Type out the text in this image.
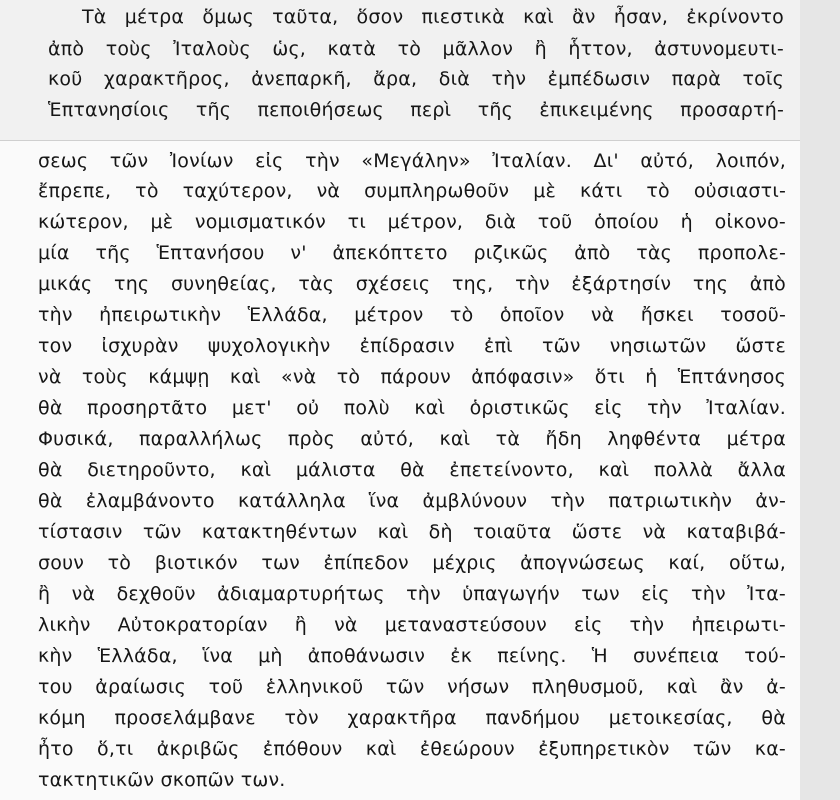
Τὰ μέτρα ὅμως ταῦτα, ὅσον πιεστικὰ καὶ ἂν ἦσαν, ἐκρίνοντο

ἀπὸ τοὺς Ἰταλοὺς ὡς, κατὰ τὸ μᾶλλον ἢ ἧττον, ἀστυνομευτι-

κοῦ χαρακτῆρος, ἀνεπαρκῆ, ἄρα, διὰ τὴν ἐμπέδωσιν παρὰ τοῖς

Ἑπτανησίοις τῆς πεποιθήσεως περὶ τῆς ἐπικειμένης προσαρτή-

σεως τῶν Ἰονίων εἰς τὴν «Μεγάλην» Ἰταλίαν. Δι' αὐτό, λοιπόν,

ἔπρεπε, τὸ ταχύτερον, νὰ συμπληρωθοῦν μὲ κάτι τὸ οὐσιαστι-

κώτερον, μὲ νομισματικόν τι μέτρον, διὰ τοῦ ὁποίου ἡ οἰκονο-

μία τῆς Ἑπτανήσου ν' ἀπεκόπτετο ριζικῶς ἀπὸ τὰς προπολε-

μικάς της συνηθείας, τὰς σχέσεις της, τὴν ἐξάρτησίν της ἀπὸ

τὴν ἠπειρωτικὴν Ἑλλάδα, μέτρον τὸ ὁποῖον νὰ ἤσκει τοσοῦ-

τον ἰσχυρὰν ψυχολογικὴν ἐπίδρασιν ἐπὶ τῶν νησιωτῶν ὥστε

νὰ τοὺς κάμψῃ καὶ «νὰ τὸ πάρουν ἀπόφασιν» ὅτι ἡ Ἑπτάνησος

θὰ προσηρτᾶτο μετ' οὐ πολὺ καὶ ὁριστικῶς εἰς τὴν Ἰταλίαν.

Φυσικά, παραλλήλως πρὸς αὐτό, καὶ τὰ ἤδη ληφθέντα μέτρα

θὰ διετηροῦντο, καὶ μάλιστα θὰ ἐπετείνοντο, καὶ πολλὰ ἄλλα

θὰ ἐλαμβάνοντο κατάλληλα ἵνα ἀμβλύνουν τὴν πατριωτικὴν ἀν-

τίστασιν τῶν κατακτηθέντων καὶ δὴ τοιαῦτα ὥστε νὰ καταβιβά-

σουν τὸ βιοτικόν των ἐπίπεδον μέχρις ἀπογνώσεως καί, οὕτω,

ἢ νὰ δεχθοῦν ἀδιαμαρτυρήτως τὴν ὑπαγωγήν των εἰς τὴν Ἰτα-

λικὴν Αὐτοκρατορίαν ἢ νὰ μεταναστεύσουν εἰς τὴν ἠπειρωτι-

κὴν Ἑλλάδα, ἵνα μὴ ἀποθάνωσιν ἐκ πείνης. Ἡ συνέπεια τού-

του ἀραίωσις τοῦ ἑλληνικοῦ τῶν νήσων πληθυσμοῦ, καὶ ἂν ἀ-

κόμη προσελάμβανε τὸν χαρακτῆρα πανδήμου μετοικεσίας, θὰ

ἦτο ὅ,τι ἀκριβῶς ἐπόθουν καὶ ἐθεώρουν ἐξυπηρετικὸν τῶν κα-

τακτητικῶν σκοπῶν των.
